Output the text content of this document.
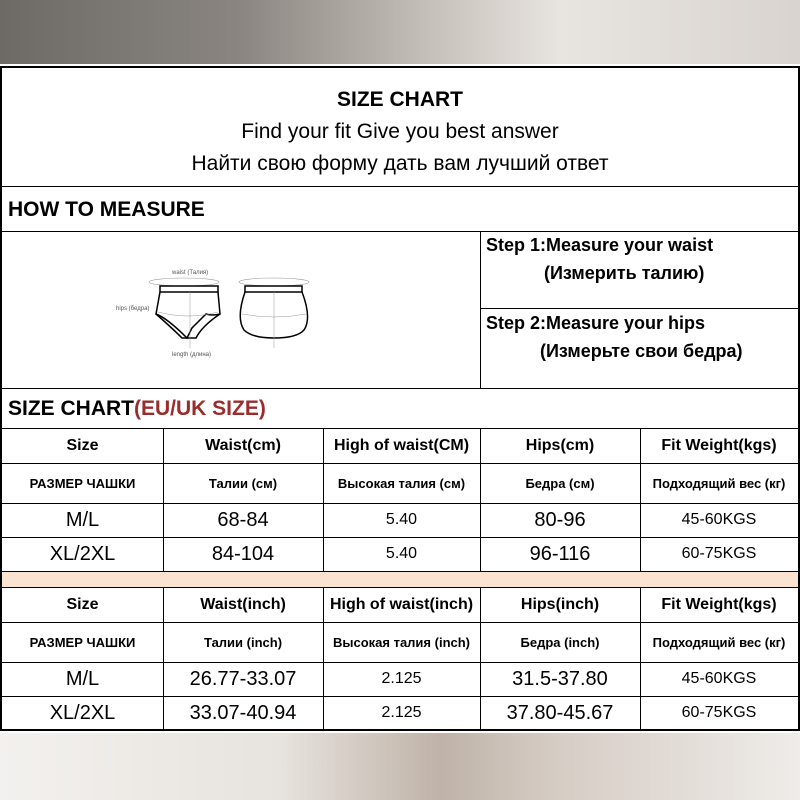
SIZE CHART
Find your fit Give you best answer
Найти свою форму дать вам лучший ответ
HOW TO MEASURE
waist (Талия)
hips (бедра)
length (длина)
Step 1:Measure your waist
(Измерить талию)
Step 2:Measure your hips
(Измерьте свои бедра)
SIZE CHART(EU/UK SIZE)
Size	Waist(cm)	High of waist(CM)	Hips(cm)	Fit Weight(kgs)
РАЗМЕР ЧАШКИ	Талии (см)	Высокая талия (см)	Бедра (см)	Подходящий вес (кг)
M/L	68-84	5.40	80-96	45-60KGS
XL/2XL	84-104	5.40	96-116	60-75KGS
Size	Waist(inch)	High of waist(inch)	Hips(inch)	Fit Weight(kgs)
РАЗМЕР ЧАШКИ	Талии (inch)	Высокая талия (inch)	Бедра (inch)	Подходящий вес (кг)
M/L	26.77-33.07	2.125	31.5-37.80	45-60KGS
XL/2XL	33.07-40.94	2.125	37.80-45.67	60-75KGS
